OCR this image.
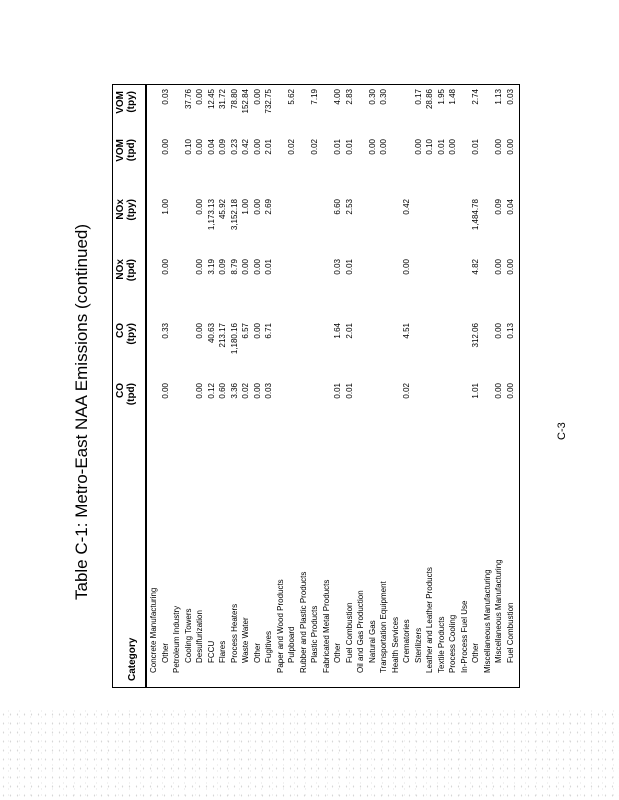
Table C-1: Metro-East NAA Emissions (continued)
Category
CO (tpd)
CO (tpy)
NOx (tpd)
NOx (tpy)
VOM (tpd)
VOM (tpy)
Concrete Manufacturing Other
0.00
0.33
0.00
1.00
0.00
0.03
Petroleum Industry Cooling Towers
0.10
37.76
Desulfurization
0.00
0.00
0.00
0.00
0.00
0.00
FCCU
0.12
40.63
3.19
1,173.13
0.04
12.45
Flares
0.60
213.17
0.09
45.92
0.09
31.72
Process Heaters
3.36
1,180.16
8.79
3,152.18
0.23
78.80
Waste Water
0.02
6.57
0.00
1.00
0.42
152.84
Other
0.00
0.00
0.00
0.00
0.00
0.00
Fugitives
0.03
6.71
0.01
2.69
2.01
732.75
Paper and Wood Products Pulpboard
0.02
5.62
Rubber and Plastic Products Plastic Products
0.02
7.19
Fabricated Metal Products Other
0.01
1.64
0.03
6.60
0.01
4.00
Fuel Combustion
0.01
2.01
0.01
2.53
0.01
2.83
Oil and Gas Production Natural Gas
0.00
0.30
Transportation Equipment
0.00
0.30
Health Services Crematories
0.02
4.51
0.00
0.42
Sterilizers
0.00
0.17
Leather and Leather Products
0.10
28.86
Textile Products
0.01
1.95
Process Cooling
0.00
1.48
In-Process Fuel Use Other
1.01
312.06
4.82
1,484.78
0.01
2.74
Miscellaneous Manufacturing Miscellaneous Manufacturing
0.00
0.00
0.00
0.09
0.00
1.13
Fuel Combustion
0.00
0.13
0.00
0.04
0.00
0.03
C-3
